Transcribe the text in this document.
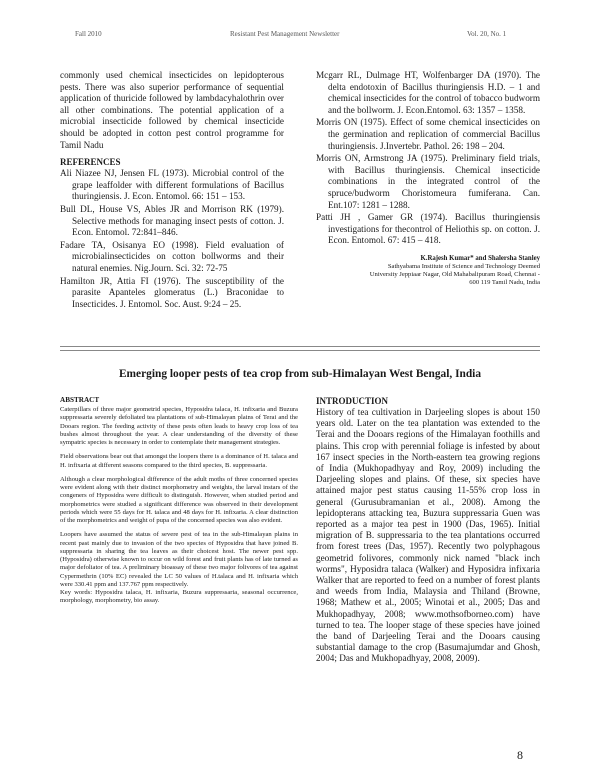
Fall 2010	Resistant Pest Management Newsletter	Vol. 20, No. 1

commonly used chemical insecticides on lepidopterous pests. There was also superior performance of sequential application of thuricide followed by lambdacyhalothrin over all other combinations. The potential application of a microbial insecticide followed by chemical insecticide should be adopted in cotton pest control programme for Tamil Nadu

REFERENCES

Ali Niazee NJ, Jensen FL (1973). Microbial control of the grape leaffolder with different formulations of Bacillus thuringiensis. J. Econ. Entomol. 66: 151 – 153.

Bull DL, House VS, Ables JR and Morrison RK (1979). Selective methods for managing insect pests of cotton. J. Econ. Entomol. 72:841–846.

Fadare TA, Osisanya EO (1998). Field evaluation of microbialinsecticides on cotton bollworms and their natural enemies. Nig.Journ. Sci. 32: 72-75

Hamilton JR, Attia FI (1976). The susceptibility of the parasite Apanteles glomeratus (L.) Braconidae to Insecticides. J. Entomol. Soc. Aust. 9:24 – 25.

Mcgarr RL, Dulmage HT, Wolfenbarger DA (1970). The delta endotoxin of Bacillus thuringiensis H.D. – 1 and chemical insecticides for the control of tobacco budworm and the bollworm. J. Econ.Entomol. 63: 1357 – 1358.

Morris ON (1975). Effect of some chemical insecticides on the germination and replication of commercial Bacillus thuringiensis. J.Invertebr. Pathol. 26: 198 – 204.

Morris ON, Armstrong JA (1975). Preliminary field trials, with Bacillus thuringiensis. Chemical insecticide combinations in the integrated control of the spruce/budworm Choristomeura fumiferana. Can. Ent.107: 1281 – 1288.

Patti JH , Gamer GR (1974). Bacillus thuringiensis investigations for thecontrol of Heliothis sp. on cotton. J. Econ. Entomol. 67: 415 – 418.

K.Rajesh Kumar* and Shalersha Stanley

Sathyabama Institute of Science and Technology Deemed

University Jeppiaar Nagar, Old Mahabalipuram Road, Chennai -

600 119 Tamil Nadu, India

Emerging looper pests of tea crop from sub-Himalayan West Bengal, India

ABSTRACT

Caterpillars of three major geometrid species, Hyposidra talaca, H. infixaria and Buzura suppressaria severely defoliated tea plantations of sub-Himalayan plains of Terai and the Dooars region. The feeding activity of these pests often leads to heavy crop loss of tea bushes almost throughout the year. A clear understanding of the diversity of these sympatric species is necessary in order to contemplate their management strategies.

Field observations bear out that amongst the loopers there is a dominance of H. talaca and H. infixaria at different seasons compared to the third species, B. suppressaria.

Although a clear morphological difference of the adult moths of three concerned species were evident along with their distinct morphometry and weights, the larval instars of the congeners of Hyposidra were difficult to distinguish. However, when studied period and morphometrics were studied a significant difference was observed in their development periods which were 55 days for H. talaca and 48 days for H. infixaria. A clear distinction of the morphometrics and weight of pupa of the concerned species was also evident.

Loopers have assumed the status of severe pest of tea in the sub-Himalayan plains in recent past mainly due to invasion of the two species of Hyposidra that have joined B. suppressaria in sharing the tea leaves as their choicest host. The newer pest spp. (Hyposidra) otherwise known to occur on wild forest and fruit plants has of late turned as major defoliator of tea. A preliminary bioassay of these two major folivores of tea against Cypermethrin (10% EC) revealed the LC 50 values of H.talaca and H. infixaria which were 330.41 ppm and 137.767 ppm respectively.

Key words: Hyposidra talaca, H. infixaria, Buzura suppressaria, seasonal occurrence, morphology, morphometry, bio assay.

INTRODUCTION

History of tea cultivation in Darjeeling slopes is about 150 years old. Later on the tea plantation was extended to the Terai and the Dooars regions of the Himalayan foothills and plains. This crop with perennial foliage is infested by about 167 insect species in the North-eastern tea growing regions of India (Mukhopadhyay and Roy, 2009) including the Darjeeling slopes and plains. Of these, six species have attained major pest status causing 11-55% crop loss in general (Gurusubramanian et al., 2008). Among the lepidopterans attacking tea, Buzura suppressaria Guen was reported as a major tea pest in 1900 (Das, 1965). Initial migration of B. suppressaria to the tea plantations occurred from forest trees (Das, 1957). Recently two polyphagous geometrid folivores, commonly nick named "black inch worms", Hyposidra talaca (Walker) and Hyposidra infixaria Walker that are reported to feed on a number of forest plants and weeds from India, Malaysia and Thiland (Browne, 1968; Mathew et al., 2005; Winotai et al., 2005; Das and Mukhopadhyay, 2008; www.mothsofborneo.com) have turned to tea. The looper stage of these species have joined the band of Darjeeling Terai and the Dooars causing substantial damage to the crop (Basumajumdar and Ghosh, 2004; Das and Mukhopadhyay, 2008, 2009).

8
